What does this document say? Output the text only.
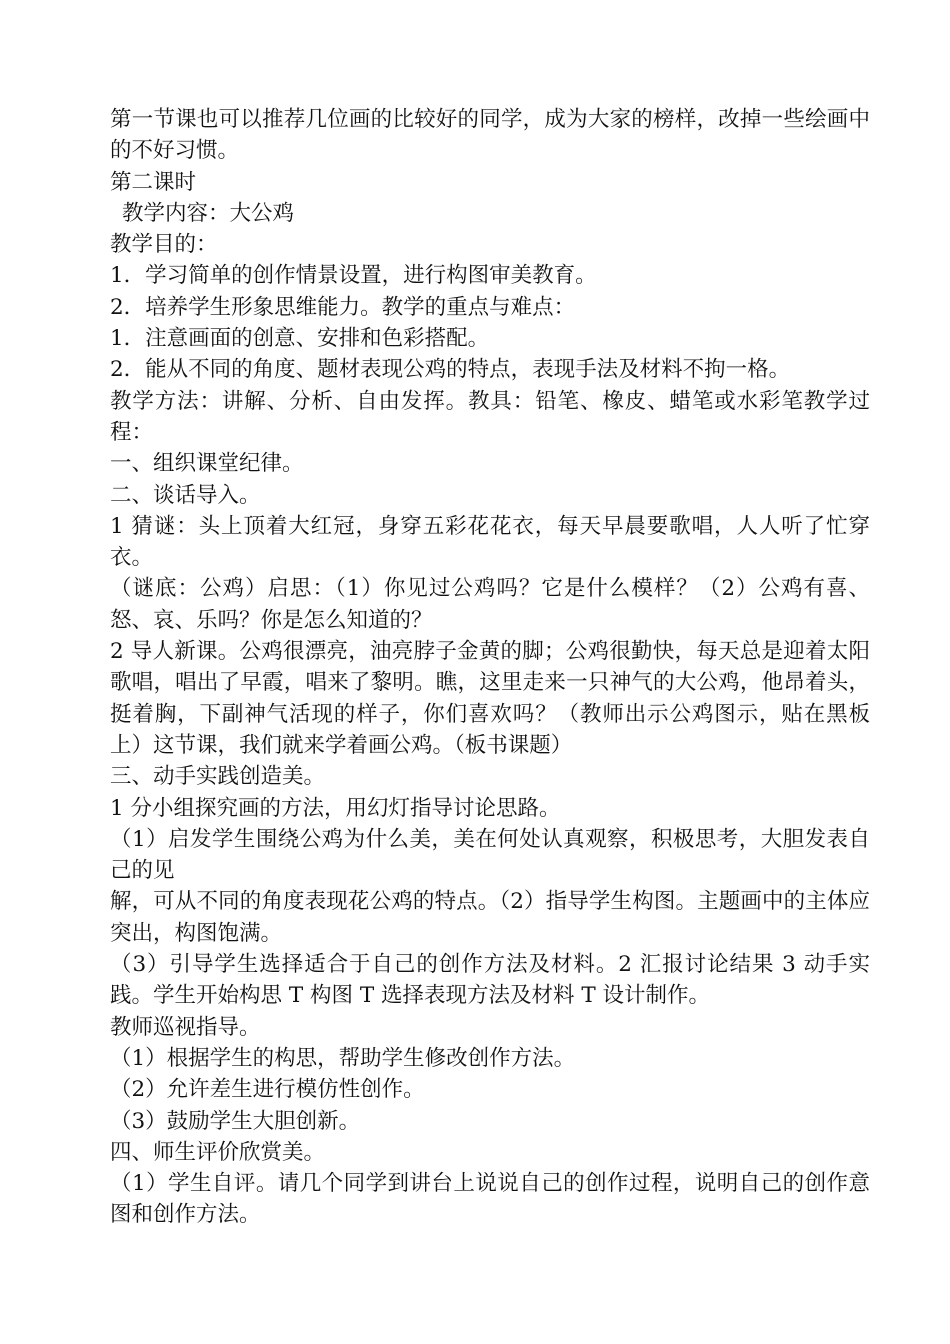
第一节课也可以推荐几位画的比较好的同学，成为大家的榜样，改掉一些绘画中的不好习惯。

第二课时

教学内容：大公鸡

教学目的：

1．学习简单的创作情景设置，进行构图审美教育。

2．培养学生形象思维能力。教学的重点与难点：

1．注意画面的创意、安排和色彩搭配。

2．能从不同的角度、题材表现公鸡的特点，表现手法及材料不拘一格。

教学方法：讲解、分析、自由发挥。教具：铅笔、橡皮、蜡笔或水彩笔教学过程：

一、组织课堂纪律。

二、谈话导入。

1 猜谜：头上顶着大红冠，身穿五彩花花衣，每天早晨要歌唱，人人听了忙穿衣。

（谜底：公鸡）启思：（1）你见过公鸡吗？它是什么模样？（2）公鸡有喜、怒、哀、乐吗？你是怎么知道的？

2 导人新课。公鸡很漂亮，油亮脖子金黄的脚；公鸡很勤快，每天总是迎着太阳歌唱，唱出了早霞，唱来了黎明。瞧，这里走来一只神气的大公鸡，他昂着头，挺着胸，下副神气活现的样子，你们喜欢吗？（教师出示公鸡图示，贴在黑板上）这节课，我们就来学着画公鸡。（板书课题）

三、动手实践创造美。

1 分小组探究画的方法，用幻灯指导讨论思路。

（1）启发学生围绕公鸡为什么美，美在何处认真观察，积极思考，大胆发表自己的见

解，可从不同的角度表现花公鸡的特点。（2）指导学生构图。主题画中的主体应突出，构图饱满。

（3）引导学生选择适合于自己的创作方法及材料。2 汇报讨论结果 3 动手实践。学生开始构思 T 构图 T 选择表现方法及材料 T 设计制作。

教师巡视指导。

（1）根据学生的构思，帮助学生修改创作方法。

（2）允许差生进行模仿性创作。

（3）鼓励学生大胆创新。

四、师生评价欣赏美。

（1）学生自评。请几个同学到讲台上说说自己的创作过程，说明自己的创作意图和创作方法。
